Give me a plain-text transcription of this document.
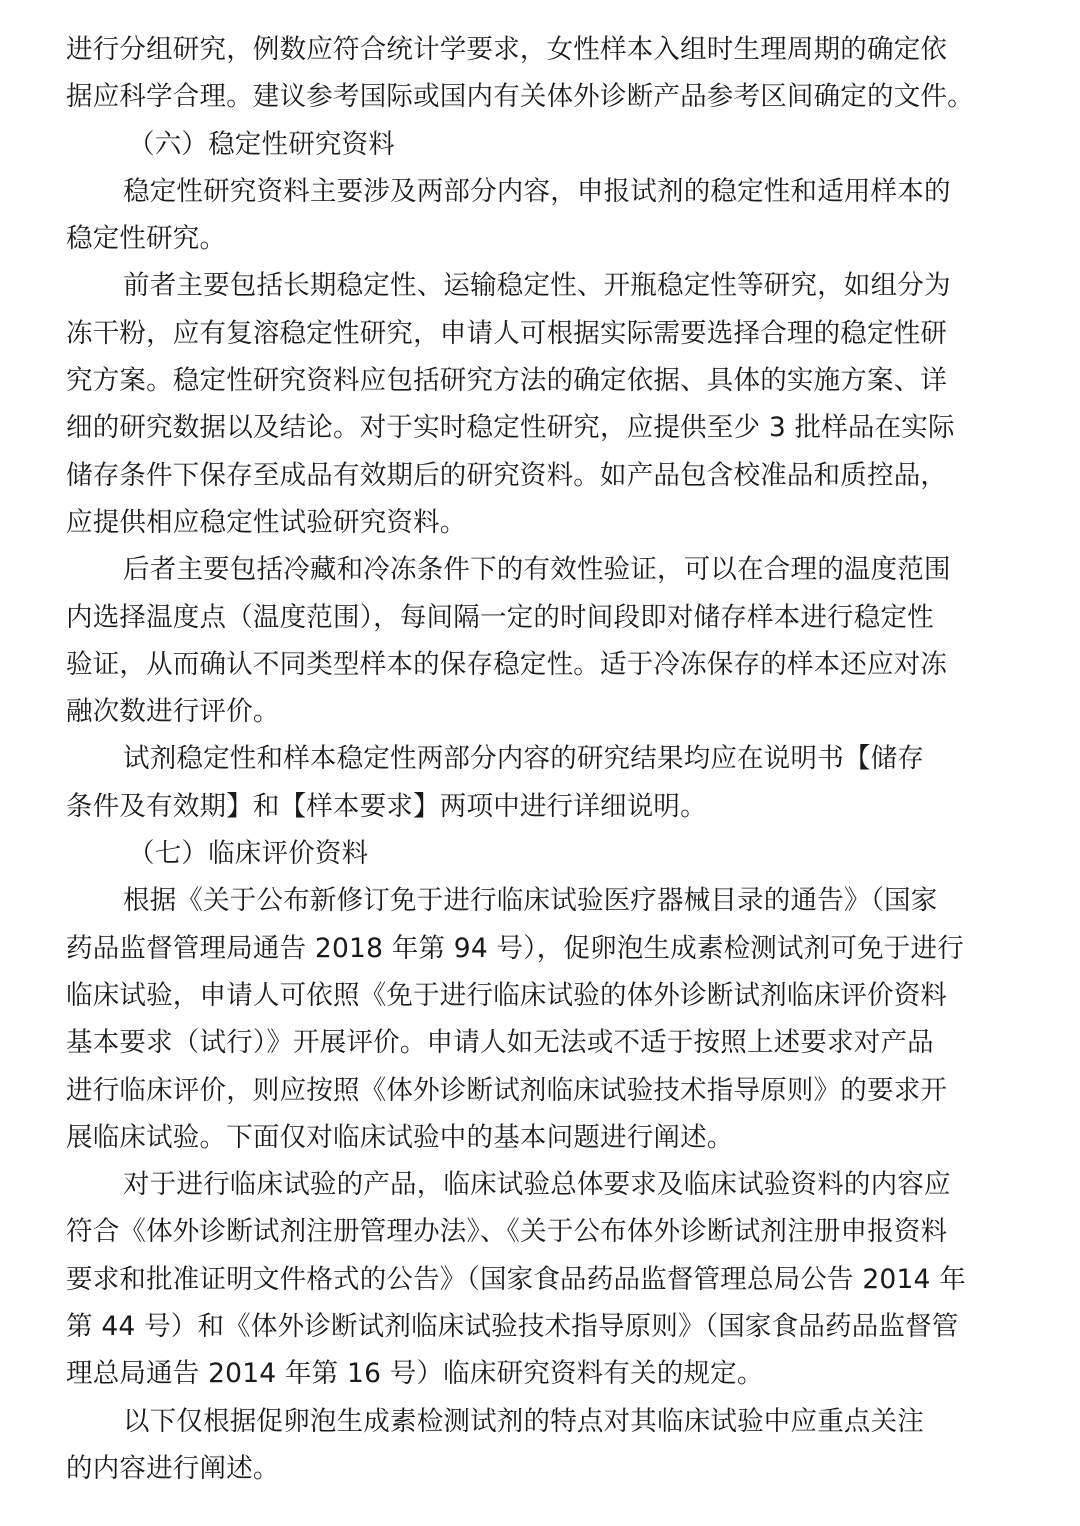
进行分组研究，例数应符合统计学要求，女性样本入组时生理周期的确定依
据应科学合理。建议参考国际或国内有关体外诊断产品参考区间确定的文件。
（六）稳定性研究资料
稳定性研究资料主要涉及两部分内容，申报试剂的稳定性和适用样本的
稳定性研究。
前者主要包括长期稳定性、运输稳定性、开瓶稳定性等研究，如组分为
冻干粉，应有复溶稳定性研究，申请人可根据实际需要选择合理的稳定性研
究方案。稳定性研究资料应包括研究方法的确定依据、具体的实施方案、详
细的研究数据以及结论。对于实时稳定性研究，应提供至少 3 批样品在实际
储存条件下保存至成品有效期后的研究资料。如产品包含校准品和质控品，
应提供相应稳定性试验研究资料。
后者主要包括冷藏和冷冻条件下的有效性验证，可以在合理的温度范围
内选择温度点（温度范围），每间隔一定的时间段即对储存样本进行稳定性
验证，从而确认不同类型样本的保存稳定性。适于冷冻保存的样本还应对冻
融次数进行评价。
试剂稳定性和样本稳定性两部分内容的研究结果均应在说明书【储存
条件及有效期】和【样本要求】两项中进行详细说明。
（七）临床评价资料
根据《关于公布新修订免于进行临床试验医疗器械目录的通告》（国家
药品监督管理局通告 2018 年第 94 号），促卵泡生成素检测试剂可免于进行
临床试验，申请人可依照《免于进行临床试验的体外诊断试剂临床评价资料
基本要求（试行）》开展评价。申请人如无法或不适于按照上述要求对产品
进行临床评价，则应按照《体外诊断试剂临床试验技术指导原则》的要求开
展临床试验。下面仅对临床试验中的基本问题进行阐述。
对于进行临床试验的产品，临床试验总体要求及临床试验资料的内容应
符合《体外诊断试剂注册管理办法》、《关于公布体外诊断试剂注册申报资料
要求和批准证明文件格式的公告》（国家食品药品监督管理总局公告 2014 年
第 44 号）和《体外诊断试剂临床试验技术指导原则》（国家食品药品监督管
理总局通告 2014 年第 16 号）临床研究资料有关的规定。
以下仅根据促卵泡生成素检测试剂的特点对其临床试验中应重点关注
的内容进行阐述。
